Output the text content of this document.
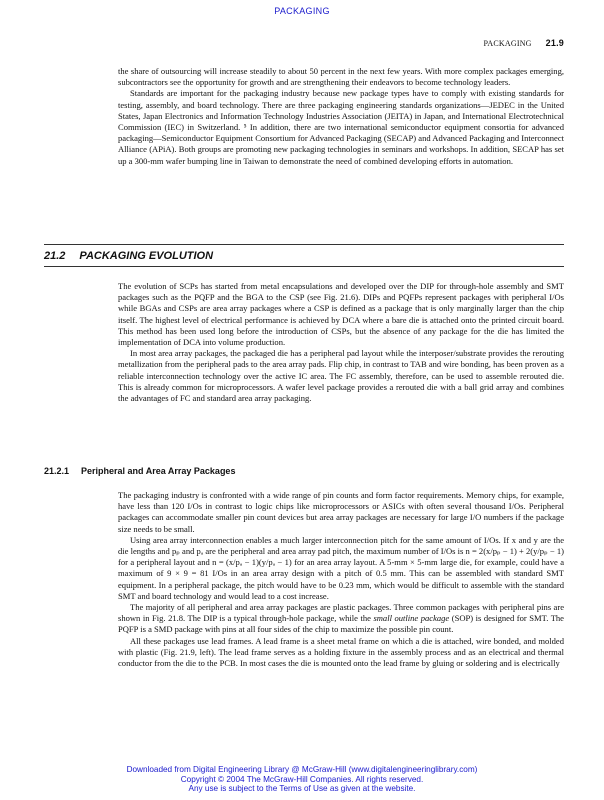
PACKAGING
PACKAGING 21.9

the share of outsourcing will increase steadily to about 50 percent in the next few years. With more complex packages emerging, subcontractors see the opportunity for growth and are strengthening their endeavors to become technology leaders.

Standards are important for the packaging industry because new package types have to comply with existing standards for testing, assembly, and board technology. There are three packaging engineering standards organizations—JEDEC in the United States, Japan Electronics and Information Technology Industries Association (JEITA) in Japan, and International Electrotechnical Commission (IEC) in Switzerland. ⁵ In addition, there are two international semiconductor equipment consortia for advanced packaging—Semiconductor Equipment Consortium for Advanced Packaging (SECAP) and Advanced Packaging and Interconnect Alliance (APiA). Both groups are promoting new packaging technologies in seminars and workshops. In addition, SECAP has set up a 300-mm wafer bumping line in Taiwan to demonstrate the need of combined developing efforts in automation.

21.2 PACKAGING EVOLUTION

The evolution of SCPs has started from metal encapsulations and developed over the DIP for through-hole assembly and SMT packages such as the PQFP and the BGA to the CSP (see Fig. 21.6). DIPs and PQFPs represent packages with peripheral I/Os while BGAs and CSPs are area array packages where a CSP is defined as a package that is only marginally larger than the chip itself. The highest level of electrical performance is achieved by DCA where a bare die is attached onto the printed circuit board. This method has been used long before the introduction of CSPs, but the absence of any package for the die has limited the implementation of DCA into volume production.

In most area array packages, the packaged die has a peripheral pad layout while the interposer/substrate provides the rerouting metallization from the peripheral pads to the area array pads. Flip chip, in contrast to TAB and wire bonding, has been proven as a reliable interconnection technology over the active IC area. The FC assembly, therefore, can be used to assemble rerouted die. This is already common for microprocessors. A wafer level package provides a rerouted die with a ball grid array and combines the advantages of FC and standard area array packaging.

21.2.1 Peripheral and Area Array Packages

The packaging industry is confronted with a wide range of pin counts and form factor requirements. Memory chips, for example, have less than 120 I/Os in contrast to logic chips like microprocessors or ASICs with often several thousand I/Os. Peripheral packages can accommodate smaller pin count devices but area array packages are necessary for large I/O numbers if the package size needs to be small.

Using area array interconnection enables a much larger interconnection pitch for the same amount of I/Os. If x and y are the die lengths and pₚ and pₐ are the peripheral and area array pad pitch, the maximum number of I/Os is n = 2(x/pₚ − 1) + 2(y/pₚ − 1) for a peripheral layout and n = (x/pₐ − 1)(y/pₐ − 1) for an area array layout. A 5-mm × 5-mm large die, for example, could have a maximum of 9 × 9 = 81 I/Os in an area array design with a pitch of 0.5 mm. This can be assembled with standard SMT equipment. In a peripheral package, the pitch would have to be 0.23 mm, which would be difficult to assemble with the standard SMT and board technology and would lead to a cost increase.

The majority of all peripheral and area array packages are plastic packages. Three common packages with peripheral pins are shown in Fig. 21.8. The DIP is a typical through-hole package, while the small outline package (SOP) is designed for SMT. The PQFP is a SMD package with pins at all four sides of the chip to maximize the possible pin count.

All these packages use lead frames. A lead frame is a sheet metal frame on which a die is attached, wire bonded, and molded with plastic (Fig. 21.9, left). The lead frame serves as a holding fixture in the assembly process and as an electrical and thermal conductor from the die to the PCB. In most cases the die is mounted onto the lead frame by gluing or soldering and is electrically

Downloaded from Digital Engineering Library @ McGraw-Hill (www.digitalengineeringlibrary.com)
Copyright © 2004 The McGraw-Hill Companies. All rights reserved.
Any use is subject to the Terms of Use as given at the website.
